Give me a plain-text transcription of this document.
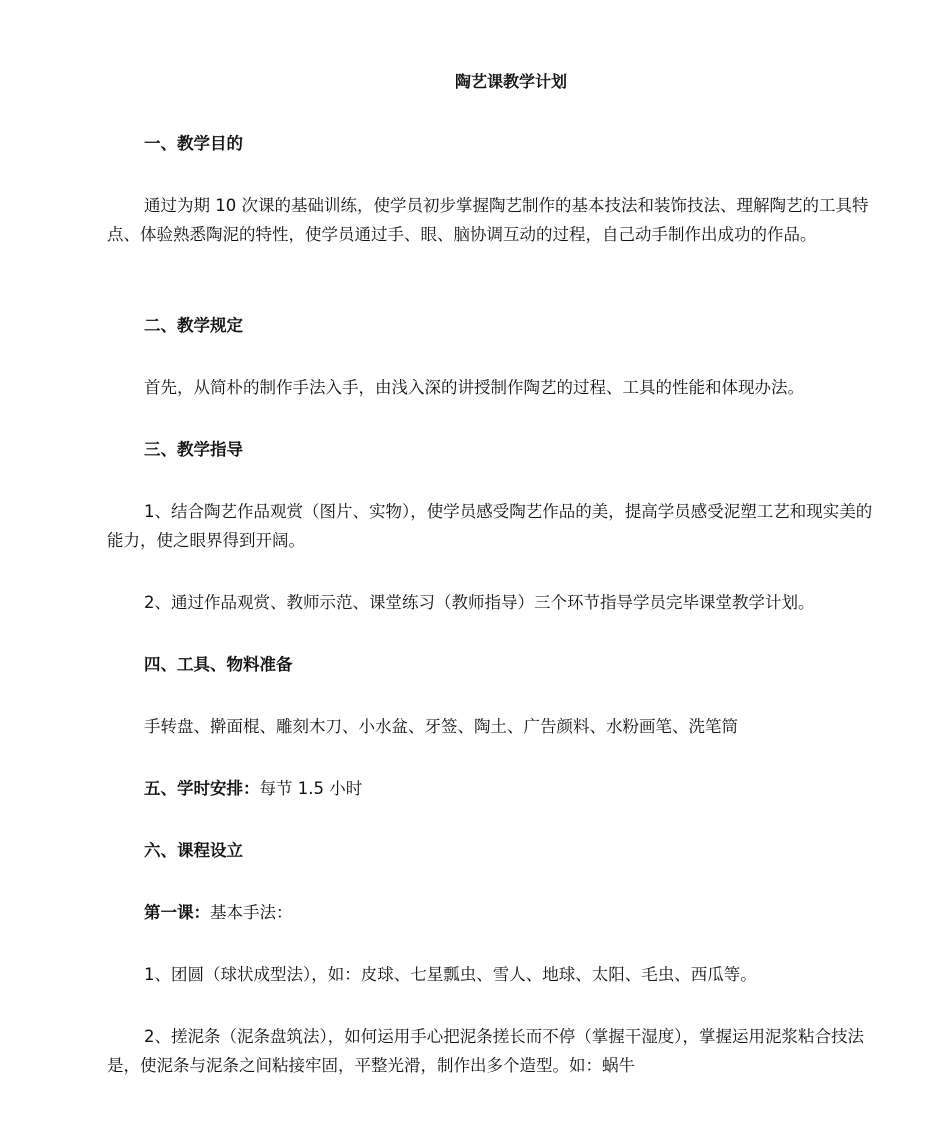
陶艺课教学计划
一、教学目的
通过为期 10 次课的基础训练，使学员初步掌握陶艺制作的基本技法和装饰技法、理解陶艺的工具特点、体验熟悉陶泥的特性，使学员通过手、眼、脑协调互动的过程，自己动手制作出成功的作品。
二、教学规定
首先，从简朴的制作手法入手，由浅入深的讲授制作陶艺的过程、工具的性能和体现办法。
三、教学指导
1、结合陶艺作品观赏（图片、实物），使学员感受陶艺作品的美，提高学员感受泥塑工艺和现实美的能力，使之眼界得到开阔。
2、通过作品观赏、教师示范、课堂练习（教师指导）三个环节指导学员完毕课堂教学计划。
四、工具、物料准备
手转盘、擀面棍、雕刻木刀、小水盆、牙签、陶土、广告颜料、水粉画笔、洗笔筒
五、学时安排：每节 1.5 小时
六、课程设立
第一课：基本手法：
1、团圆（球状成型法），如：皮球、七星瓢虫、雪人、地球、太阳、毛虫、西瓜等。
2、搓泥条（泥条盘筑法），如何运用手心把泥条搓长而不停（掌握干湿度），掌握运用泥浆粘合技法是，使泥条与泥条之间粘接牢固，平整光滑，制作出多个造型。如：蜗牛
